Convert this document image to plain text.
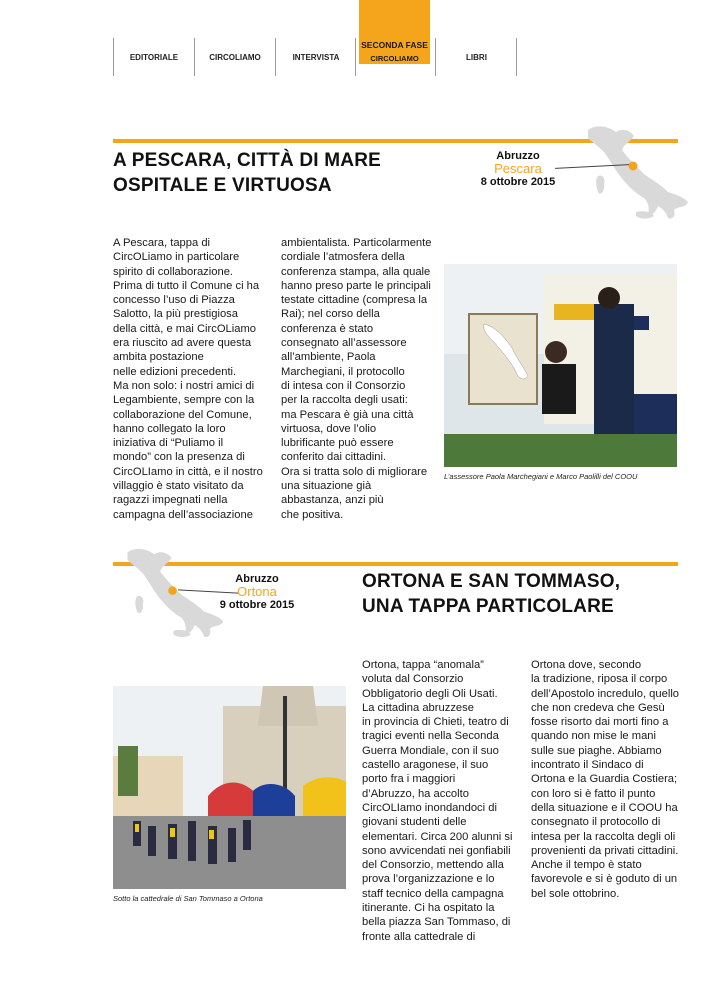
EDITORIALE	CIRCOLIAMO	INTERVISTA
SECONDA FASE
CIRCOLIAMO	LIBRI
A PESCARA, CITTÀ DI MARE
OSPITALE E VIRTUOSA
Abruzzo
Pescara
8 ottobre 2015
A Pescara, tappa di
CircOLiamo in particolare
spirito di collaborazione.
Prima di tutto il Comune ci ha
concesso l’uso di Piazza
Salotto, la più prestigiosa
della città, e mai CircOLiamo
era riuscito ad avere questa
ambita postazione
nelle edizioni precedenti.
Ma non solo: i nostri amici di
Legambiente, sempre con la
collaborazione del Comune,
hanno collegato la loro
iniziativa di “Puliamo il
mondo” con la presenza di
CircOLIamo in città, e il nostro
villaggio è stato visitato da
ragazzi impegnati nella
campagna dell’associazione
ambientalista. Particolarmente
cordiale l’atmosfera della
conferenza stampa, alla quale
hanno preso parte le principali
testate cittadine (compresa la
Rai); nel corso della
conferenza è stato
consegnato all’assessore
all’ambiente, Paola
Marchegiani, il protocollo
di intesa con il Consorzio
per la raccolta degli usati:
ma Pescara è già una città
virtuosa, dove l’olio
lubrificante può essere
conferito dai cittadini.
Ora si tratta solo di migliorare
una situazione già
abbastanza, anzi più
che positiva.
L’assessore Paola Marchegiani e Marco Paolilli del COOU
Abruzzo
Ortona
9 ottobre 2015
ORTONA E SAN TOMMASO,
UNA TAPPA PARTICOLARE
Sotto la cattedrale di San Tommaso a Ortona
Ortona, tappa “anomala”
voluta dal Consorzio
Obbligatorio degli Oli Usati.
La cittadina abruzzese
in provincia di Chieti, teatro di
tragici eventi nella Seconda
Guerra Mondiale, con il suo
castello aragonese, il suo
porto fra i maggiori
d’Abruzzo, ha accolto
CircOLIamo inondandoci di
giovani studenti delle
elementari. Circa 200 alunni si
sono avvicendati nei gonfiabili
del Consorzio, mettendo alla
prova l’organizzazione e lo
staff tecnico della campagna
itinerante. Ci ha ospitato la
bella piazza San Tommaso, di
fronte alla cattedrale di
Ortona dove, secondo
la tradizione, riposa il corpo
dell’Apostolo incredulo, quello
che non credeva che Gesù
fosse risorto dai morti fino a
quando non mise le mani
sulle sue piaghe. Abbiamo
incontrato il Sindaco di
Ortona e la Guardia Costiera;
con loro si è fatto il punto
della situazione e il COOU ha
consegnato il protocollo di
intesa per la raccolta degli oli
provenienti da privati cittadini.
Anche il tempo è stato
favorevole e si è goduto di un
bel sole ottobrino.
